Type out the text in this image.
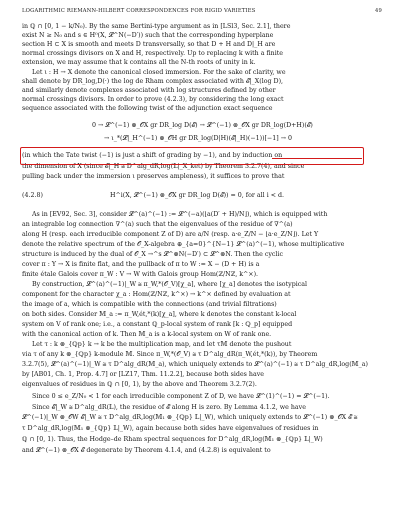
LOGARITHMIC RIEMANN-HILBERT CORRESPONDENCES FOR RIGID VARIETIES	49
in ℚ ∩ [0, 1 − k/N₀). By the same Bertini-type argument as in [LSl3, Sec. 2.1], there
exist N ≥ N₀ and s ∈ H⁰(X, 𝓛^N(−D′)) such that the corresponding hyperplane
section H ⊂ X is smooth and meets D transversally, so that D + H and D|_H are
normal crossings divisors on X and H, respectively. Up to replacing k with a finite
extension, we may assume that k contains all the N-th roots of unity in k̄.
Let ι : H → X denote the canonical closed immersion. For the sake of clarity, we
shall denote by DR_log,D(·) the log de Rham complex associated with 𝓔|_X(log D),
and similarly denote complexes associated with log structures defined by other
normal crossings divisors. In order to prove (4.2.3), by considering the long exact
sequence associated with the following twist of the adjunction exact sequence
0 → 𝓛^(−1) ⊗_𝒪X gr DR_log D(𝓔) → 𝓛^(−1) ⊗_𝒪X gr DR_log(D+H)(𝓔)
→ ι_*(𝓛|_H^(−1) ⊗_𝒪H gr DR_log(D|H)(𝓔|_H)(−1))[−1] → 0
(in which the Tate twist (−1) is just a shift of grading by −1), and by induction on
the dimension of X (since 𝓔|_H ≅ D^alg_dR,log(𝕃|_X_ket) by Theorem 3.2.7(4), and since
pulling back under the immersion ι preserves ampleness), it suffices to prove that
(4.2.8)	H^i(X, 𝓛^(−1) ⊗_𝒪X gr DR_log D(𝓔)) = 0, for all i < d.
As in [EV92, Sec. 3], consider 𝓛^(a)^(−1) := 𝓛^(−a)(⌊a(D′ + H)/N⌋), which is equipped with
an integrable log connection ∇^(a) such that the eigenvalues of the residue of ∇^(a)
along H (resp. each irreducible component Z of D) are a/N (resp. a·e_Z/N − ⌊a·e_Z/N⌋). Let Y
denote the relative spectrum of the 𝒪_X-algebra ⊕_{a=0}^{N−1} 𝓛^(a)^(−1), whose multiplicative
structure is induced by the dual of 𝒪_X →^s 𝓛^⊗N(−D′) ⊂ 𝓛^⊗N. Then the cyclic
cover π : Y → X is finite flat, and the pullback of π to W := X − (D + H) is a
finite étale Galois cover π_W : V → W with Galois group Hom(ℤ/Nℤ, k^×).
By construction, 𝓛^(a)^(−1)|_W ≅ π_W,*(𝒪_V)[χ_a], where [χ_a] denotes the isotypical
component for the character χ_a : Hom(ℤ/Nℤ, k^×) → k^× defined by evaluation at
the image of a, which is compatible with the connections (and trivial filtrations)
on both sides. Consider 𝕄_a := π_W,ét,*(k)[χ_a], where k denotes the constant k-local
system on V of rank one; i.e., a constant ℚ_p-local system of rank [k : ℚ_p] equipped
with the canonical action of k. Then 𝕄_a is a k-local system on W of rank one.
Let τ : k ⊗_{ℚp} k → k be the multiplication map, and let τ𝕄 denote the pushout
via τ of any k ⊗_{ℚp} k-module 𝕄. Since π_W,*(𝒪_V) ≅ τ D^alg_dR(π_W,ét,*(k)), by Theorem
3.2.7(5), 𝓛^(a)^(−1)|_W ≅ τ D^alg_dR(𝕄_a), which uniquely extends to 𝓛^(a)^(−1) ≅ τ D^alg_dR,log(𝕄_a)
by [AB01, Ch. 1, Prop. 4.7] or [LZ17, Thm. 11.2.2], because both sides have
eigenvalues of residues in ℚ ∩ [0, 1), by the above and Theorem 3.2.7(2).
Since 0 ≤ e_Z/N₀ < 1 for each irreducible component Z of D, we have 𝓛^(1)^(−1) = 𝓛^(−1).
Since 𝓔|_W ≅ D^alg_dR(𝕃), the residue of 𝓔 along H is zero. By Lemma 4.1.2, we have
𝓛^(−1)|_W ⊗_𝒪W 𝓔|_W ≅ τ D^alg_dR,log(𝕄₁ ⊗_{ℚp} 𝕃|_W), which uniquely extends to 𝓛^(−1) ⊗_𝒪X 𝓔 ≅
τ D^alg_dR,log(𝕄₁ ⊗_{ℚp} 𝕃|_W), again because both sides have eigenvalues of residues in
ℚ ∩ [0, 1). Thus, the Hodge–de Rham spectral sequences for D^alg_dR,log(𝕄₁ ⊗_{ℚp} 𝕃|_W)
and 𝓛^(−1) ⊗_𝒪X 𝓔 degenerate by Theorem 4.1.4, and (4.2.8) is equivalent to
